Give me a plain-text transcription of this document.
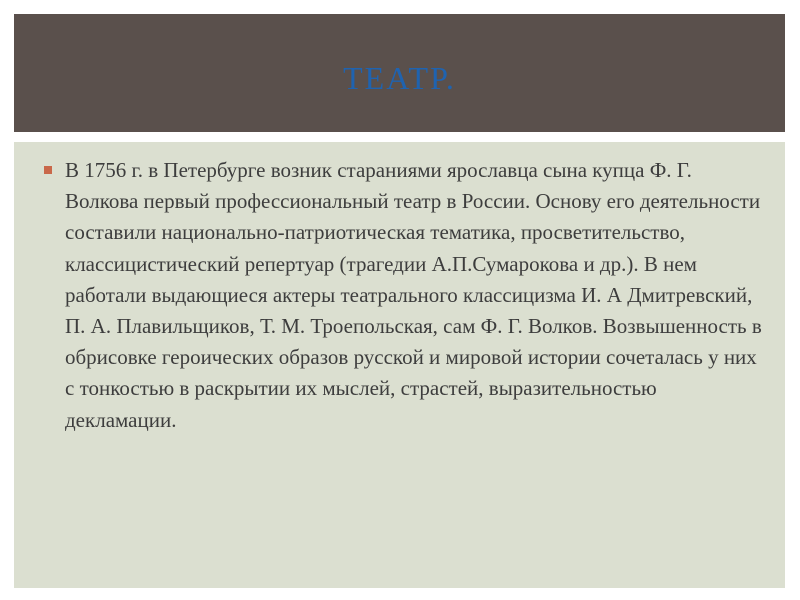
ТЕАТР.

В 1756 г. в Петербурге возник стараниями ярославца сына купца Ф. Г. Волкова первый профессиональный театр в России. Основу его деятельности составили национально-патриотическая тематика, просветительство, классицистический репертуар (трагедии А.П.Сумарокова и др.). В нем работали выдающиеся актеры театрального классицизма И. А Дмитревский, П. А. Плавильщиков, Т. М. Троепольская, сам Ф. Г. Волков. Возвышенность в обрисовке героических образов русской и мировой истории сочеталась у них с тонкостью в раскрытии их мыслей, страстей, выразительностью декламации.
